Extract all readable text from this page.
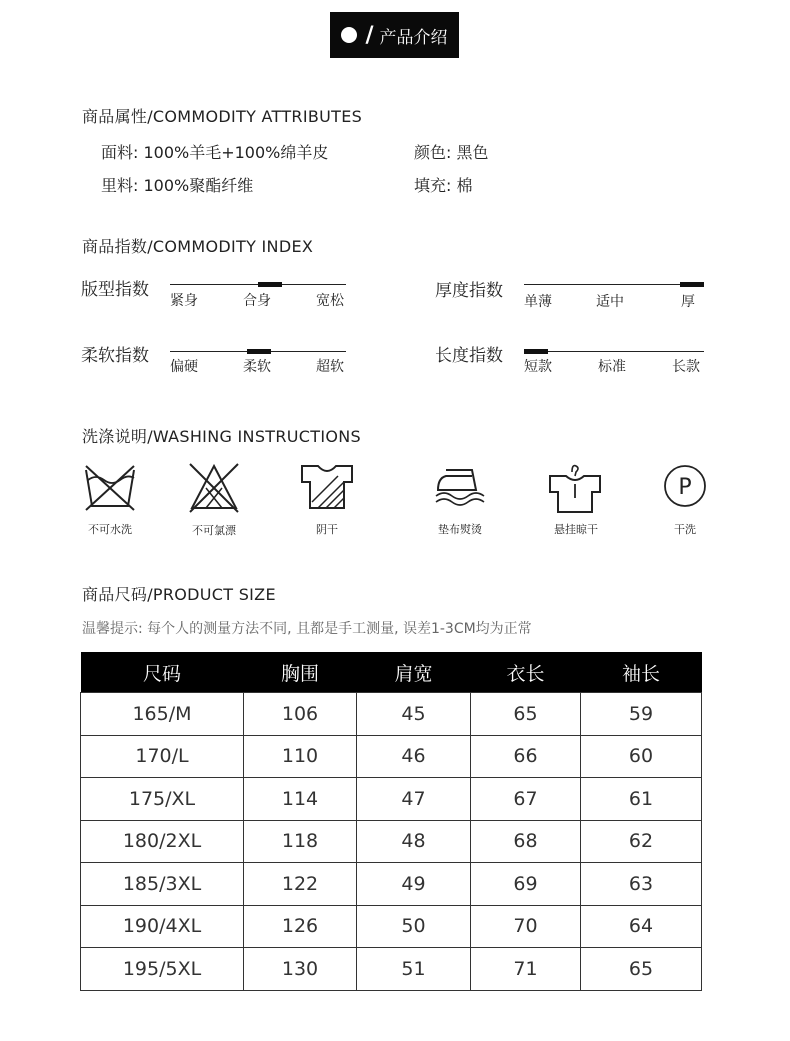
/ 产品介绍
商品属性/COMMODITY ATTRIBUTES
面料: 100%羊毛+100%绵羊皮	颜色: 黑色
里料: 100%聚酯纤维	填充: 棉
商品指数/COMMODITY INDEX
版型指数
紧身	合身	宽松	厚度指数
单薄	适中	厚
柔软指数
偏硬	柔软	超软
长度指数
短款	标准	长款
洗涤说明/WASHING INSTRUCTIONS
不可水洗	不可氯漂	阴干	垫布熨烫	悬挂晾干
P
干洗
商品尺码/PRODUCT SIZE
温馨提示: 每个人的测量方法不同, 且都是手工测量, 误差1-3CM均为正常
尺码	胸围	肩宽	衣长	袖长
165/M	106	45	65	59
170/L	110	46	66	60
175/XL	114	47	67	61
180/2XL	118	48	68	62
185/3XL	122	49	69	63
190/4XL	126	50	70	64
195/5XL	130	51	71	65
